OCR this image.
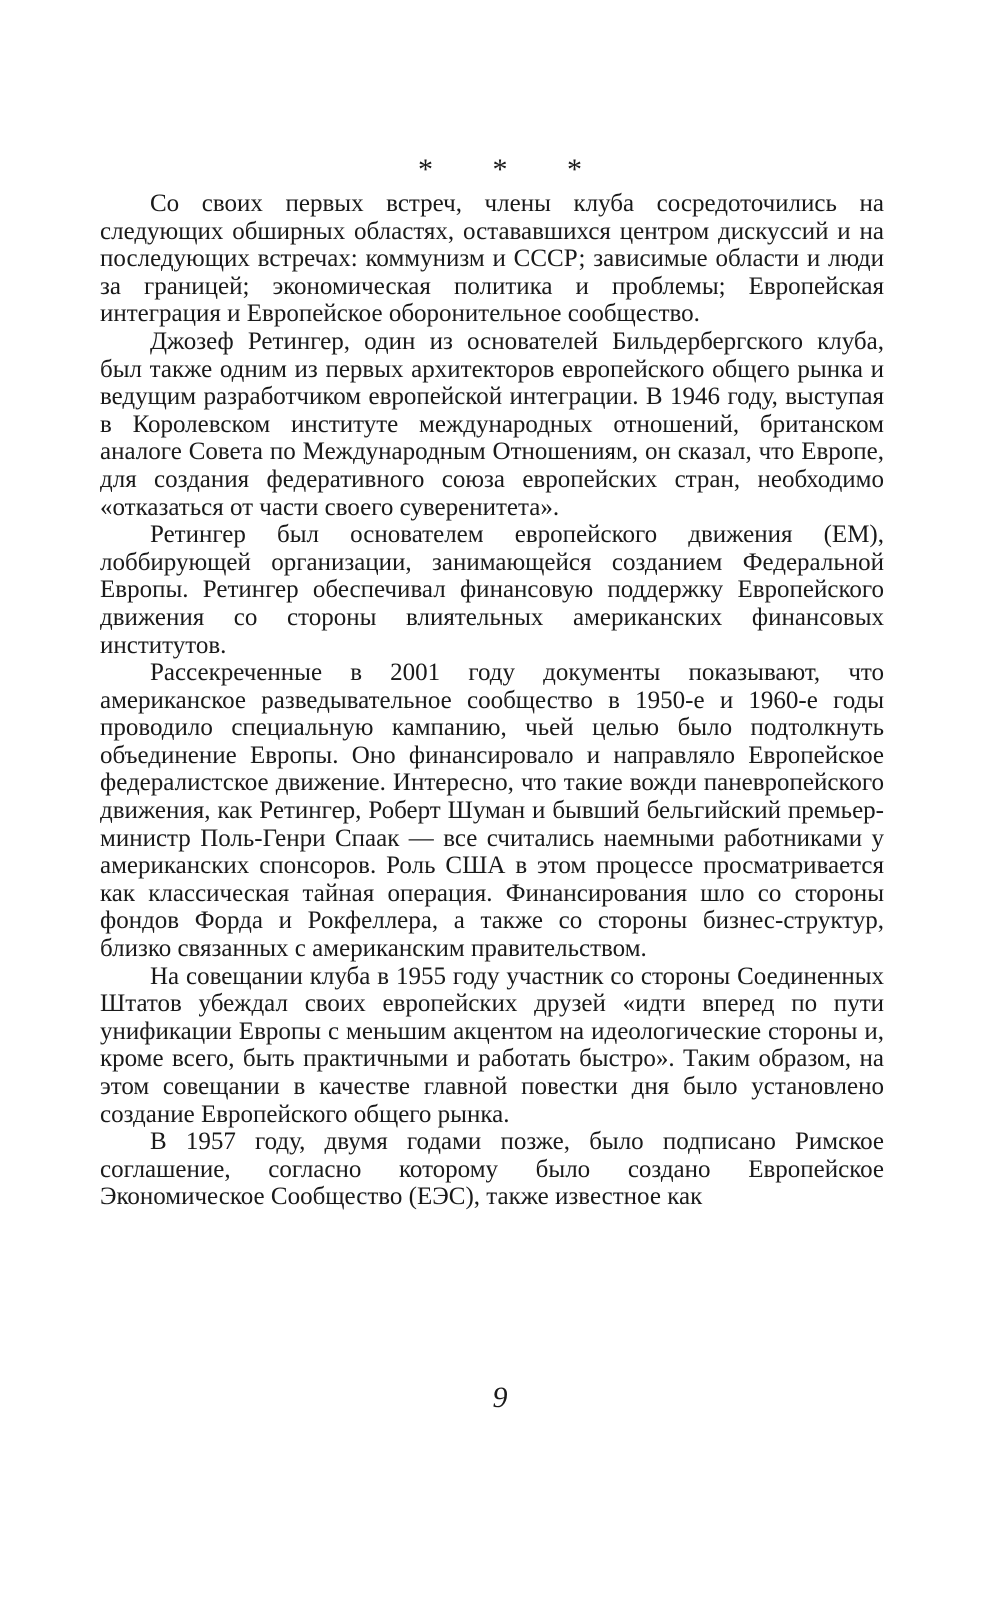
* * *

Со своих первых встреч, члены клуба сосредоточились на следующих обширных областях, остававшихся центром дискуссий и на последующих встречах: коммунизм и СССР; зависимые области и люди за границей; экономическая политика и проблемы; Европейская интеграция и Европейское оборонительное сообщество.

Джозеф Ретингер, один из основателей Бильдербергского клуба, был также одним из первых архитекторов европейского общего рынка и ведущим разработчиком европейской интеграции. В 1946 году, выступая в Королевском институте международных отношений, британском аналоге Совета по Международным Отношениям, он сказал, что Европе, для создания федеративного союза европейских стран, необходимо «отказаться от части своего суверенитета».

Ретингер был основателем европейского движения (ЕМ), лоббирующей организации, занимающейся созданием Федеральной Европы. Ретингер обеспечивал финансовую поддержку Европейского движения со стороны влиятельных американских финансовых институтов.

Рассекреченные в 2001 году документы показывают, что американское разведывательное сообщество в 1950-е и 1960-е годы проводило специальную кампанию, чьей целью было подтолкнуть объединение Европы. Оно финансировало и направляло Европейское федералистское движение. Интересно, что такие вожди паневропейского движения, как Ретингер, Роберт Шуман и бывший бельгийский премьер-министр Поль-Генри Спаак — все считались наемными работниками у американских спонсоров. Роль США в этом процессе просматривается как классическая тайная операция. Финансирования шло со стороны фондов Форда и Рокфеллера, а также со стороны бизнес-структур, близко связанных с американским правительством.

На совещании клуба в 1955 году участник со стороны Соединенных Штатов убеждал своих европейских друзей «идти вперед по пути унификации Европы с меньшим акцентом на идеологические стороны и, кроме всего, быть практичными и работать быстро». Таким образом, на этом совещании в качестве главной повестки дня было установлено создание Европейского общего рынка.

В 1957 году, двумя годами позже, было подписано Римское соглашение, согласно которому было создано Европейское Экономическое Сообщество (ЕЭС), также известное как

9
